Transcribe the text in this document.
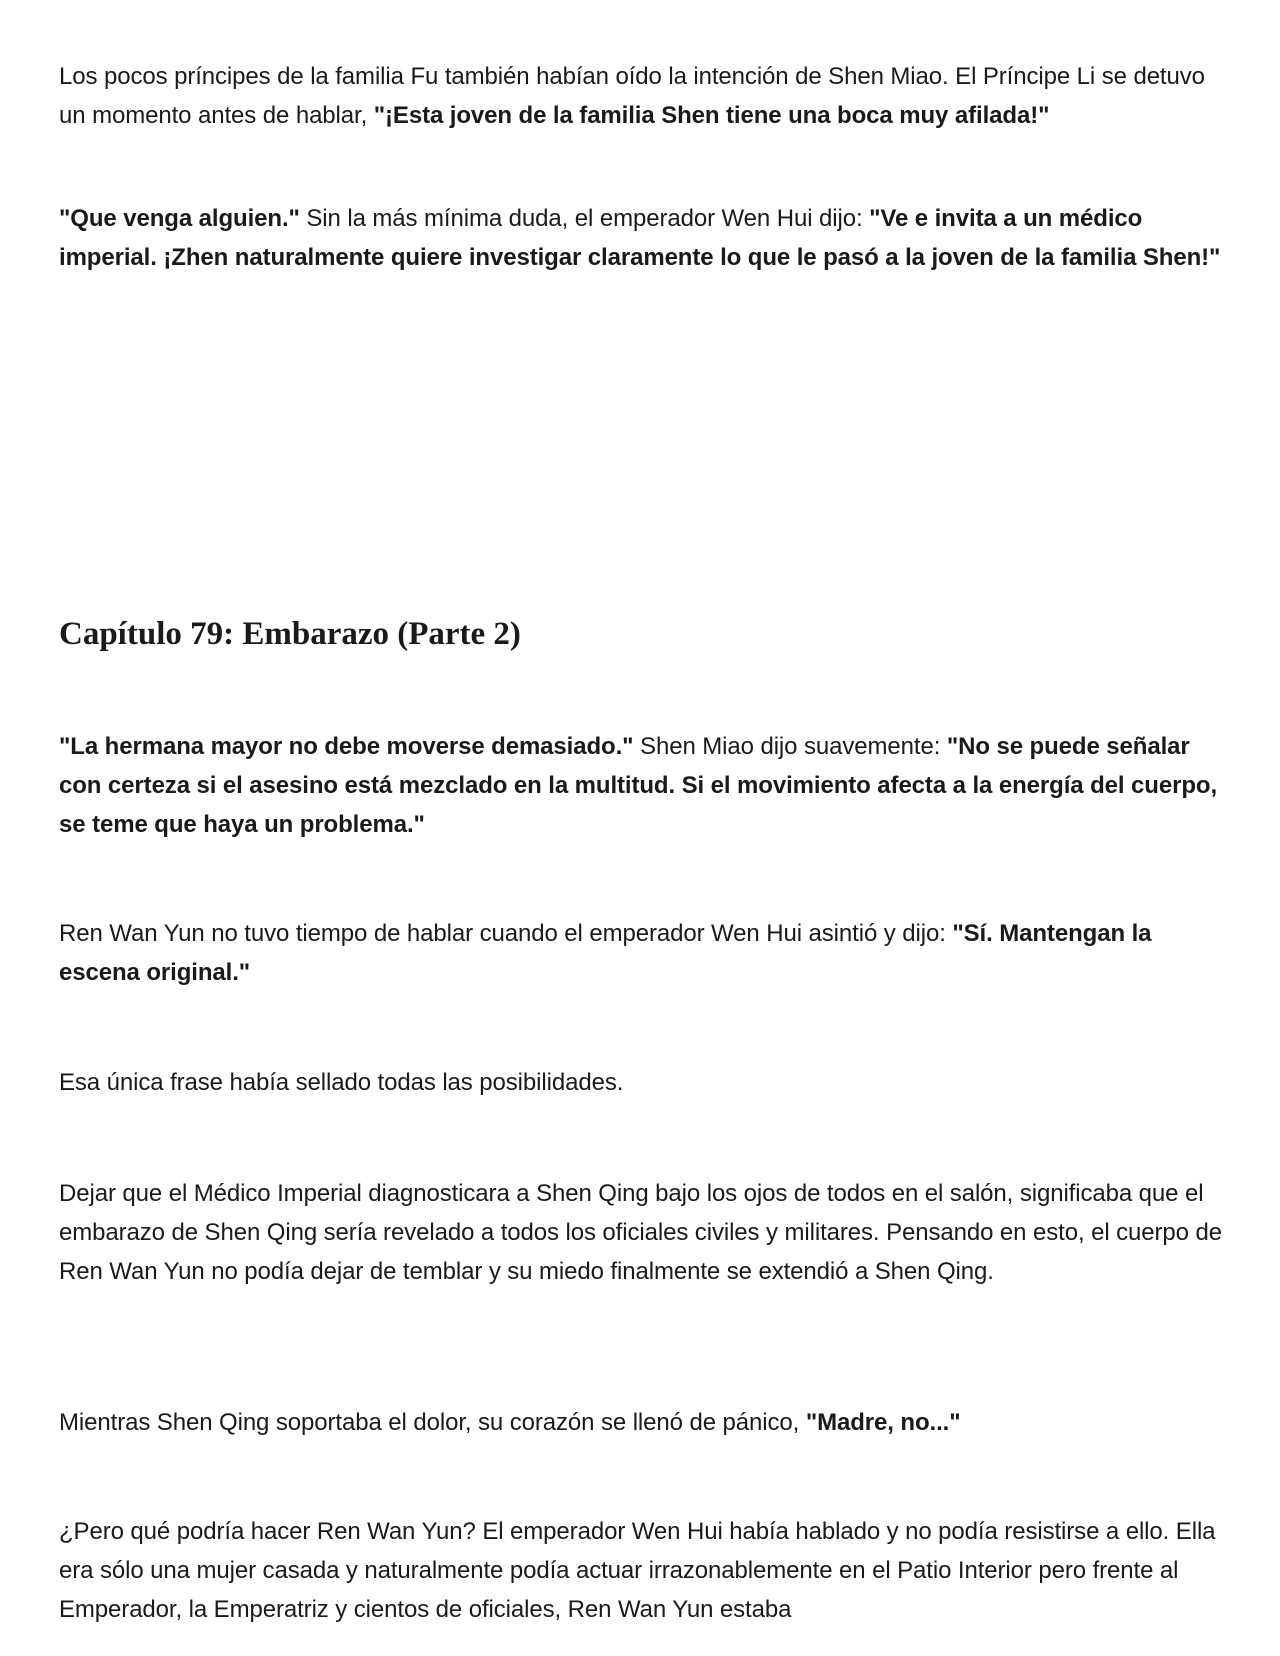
Los pocos príncipes de la familia Fu también habían oído la intención de Shen Miao. El Príncipe Li se detuvo un momento antes de hablar, "¡Esta joven de la familia Shen tiene una boca muy afilada!"

"Que venga alguien." Sin la más mínima duda, el emperador Wen Hui dijo: "Ve e invita a un médico imperial. ¡Zhen naturalmente quiere investigar claramente lo que le pasó a la joven de la familia Shen!"

Capítulo 79: Embarazo (Parte 2)

"La hermana mayor no debe moverse demasiado." Shen Miao dijo suavemente: "No se puede señalar con certeza si el asesino está mezclado en la multitud. Si el movimiento afecta a la energía del cuerpo, se teme que haya un problema."

Ren Wan Yun no tuvo tiempo de hablar cuando el emperador Wen Hui asintió y dijo: "Sí. Mantengan la escena original."

Esa única frase había sellado todas las posibilidades.

Dejar que el Médico Imperial diagnosticara a Shen Qing bajo los ojos de todos en el salón, significaba que el embarazo de Shen Qing sería revelado a todos los oficiales civiles y militares. Pensando en esto, el cuerpo de Ren Wan Yun no podía dejar de temblar y su miedo finalmente se extendió a Shen Qing.

Mientras Shen Qing soportaba el dolor, su corazón se llenó de pánico, "Madre, no..."

¿Pero qué podría hacer Ren Wan Yun? El emperador Wen Hui había hablado y no podía resistirse a ello. Ella era sólo una mujer casada y naturalmente podía actuar irrazonablemente en el Patio Interior pero frente al Emperador, la Emperatriz y cientos de oficiales, Ren Wan Yun estaba
